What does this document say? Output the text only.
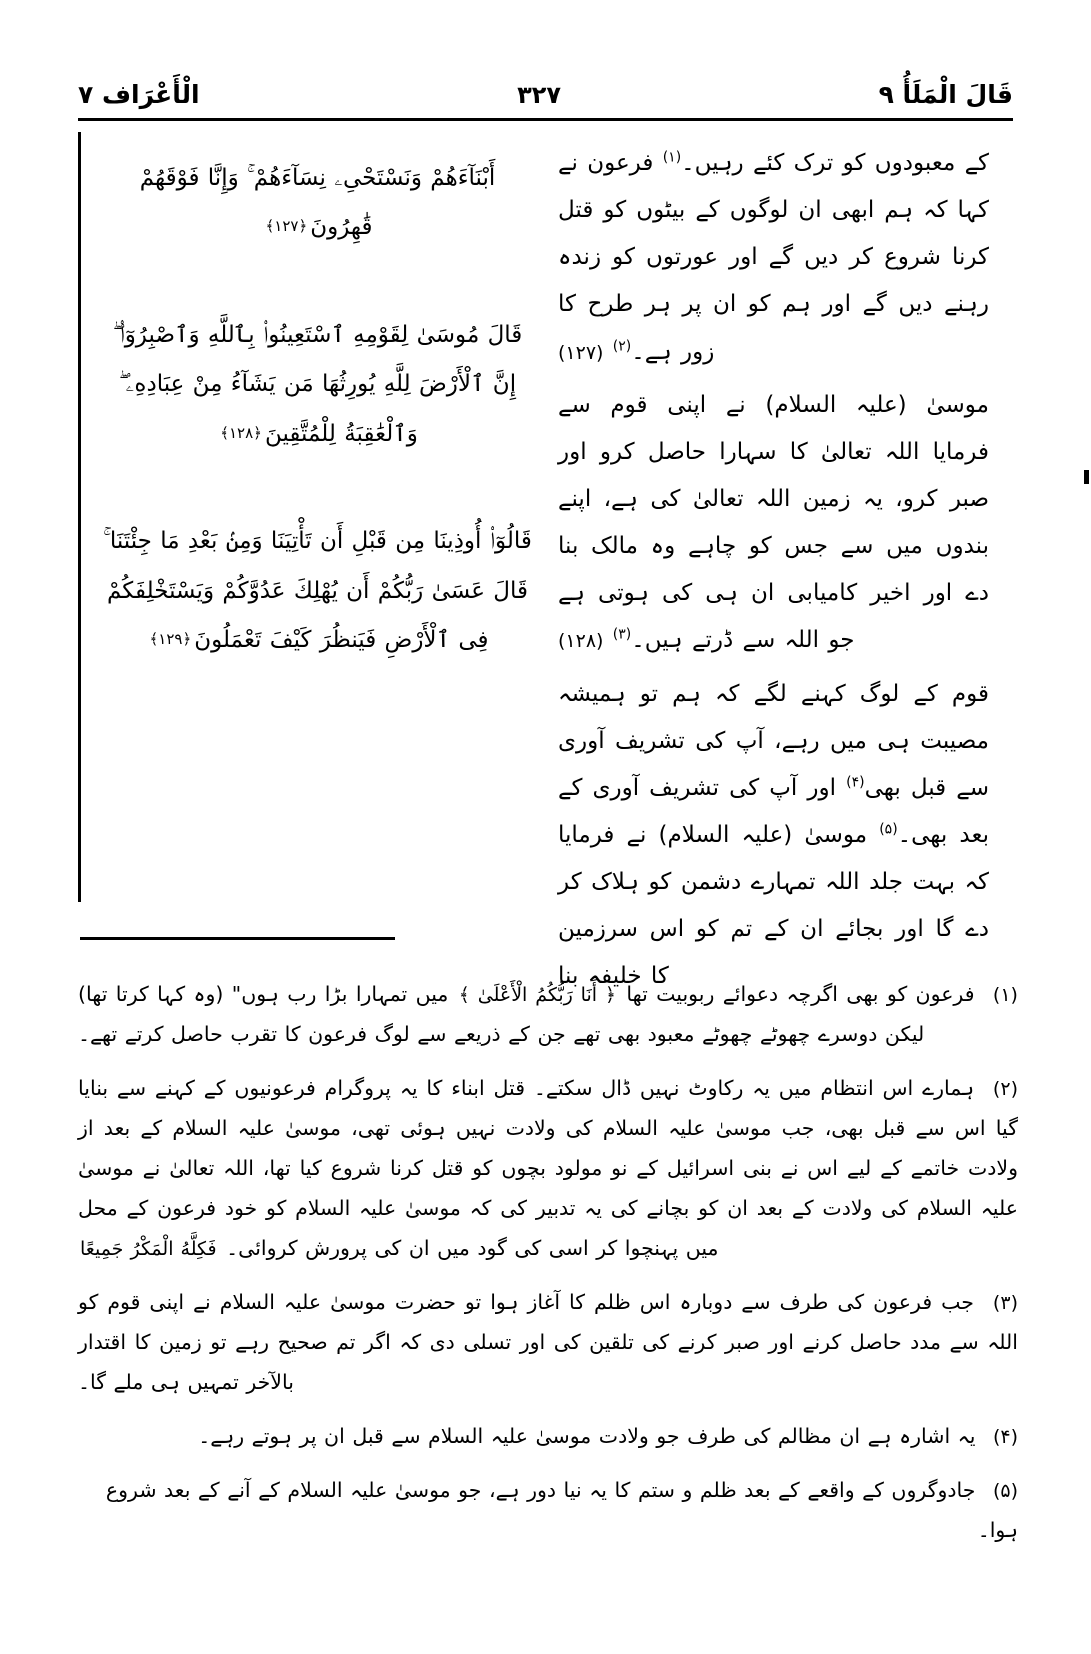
قَالَ الْمَلَأُ ٩
٣٢٧
الْأَعْرَاف ٧
أَبْنَآءَهُمْ وَنَسْتَحْىِۦ نِسَآءَهُمْ ۚ وَإِنَّا فَوْقَهُمْ قَٰهِرُونَ﴿١٢٧﴾
قَالَ مُوسَىٰ لِقَوْمِهِ ٱسْتَعِينُوا۟ بِٱللَّهِ وَٱصْبِرُوٓا۟ ۖ إِنَّ ٱلْأَرْضَ لِلَّهِ يُورِثُهَا مَن يَشَآءُ مِنْ عِبَادِهِۦ ۖ وَٱلْعَٰقِبَةُ لِلْمُتَّقِينَ﴿١٢٨﴾
قَالُوٓا۟ أُوذِينَا مِن قَبْلِ أَن تَأْتِيَنَا وَمِنۢ بَعْدِ مَا جِئْتَنَا ۚ قَالَ عَسَىٰ رَبُّكُمْ أَن يُهْلِكَ عَدُوَّكُمْ وَيَسْتَخْلِفَكُمْ فِى ٱلْأَرْضِ فَيَنظُرَ كَيْفَ تَعْمَلُونَ﴿١٢٩﴾
کے معبودوں کو ترک کئے رہیں۔$^{(۱)}$ فرعون نے کہا کہ ہم ابھی ان لوگوں کے بیٹوں کو قتل کرنا شروع کر دیں گے اور عورتوں کو زندہ رہنے دیں گے اور ہم کو ان پر ہر طرح کا زور ہے۔$^{(۲)}$ (۱۲۷)
موسیٰ (علیہ السلام) نے اپنی قوم سے فرمایا اللہ تعالیٰ کا سہارا حاصل کرو اور صبر کرو، یہ زمین اللہ تعالیٰ کی ہے، اپنے بندوں میں سے جس کو چاہے وہ مالک بنا دے اور اخیر کامیابی ان ہی کی ہوتی ہے جو اللہ سے ڈرتے ہیں۔$^{(۳)}$ (۱۲۸)
قوم کے لوگ کہنے لگے کہ ہم تو ہمیشہ مصیبت ہی میں رہے، آپ کی تشریف آوری سے قبل بھی$^{(۴)}$ اور آپ کی تشریف آوری کے بعد بھی۔$^{(۵)}$ موسیٰ (علیہ السلام) نے فرمایا کہ بہت جلد اللہ تمہارے دشمن کو ہلاک کر دے گا اور بجائے ان کے تم کو اس سرزمین کا خلیفہ بنا
(۱) فرعون کو بھی اگرچہ دعوائے ربوبیت تھا ﴿ أَنَا رَبُّكُمُ الْأَعْلَىٰ ﴾ میں تمہارا بڑا رب ہوں" (وہ کہا کرتا تھا) لیکن دوسرے چھوٹے چھوٹے معبود بھی تھے جن کے ذریعے سے لوگ فرعون کا تقرب حاصل کرتے تھے۔
(۲) ہمارے اس انتظام میں یہ رکاوٹ نہیں ڈال سکتے۔ قتل ابناء کا یہ پروگرام فرعونیوں کے کہنے سے بنایا گیا اس سے قبل بھی، جب موسیٰ علیہ السلام کی ولادت نہیں ہوئی تھی، موسیٰ علیہ السلام کے بعد از ولادت خاتمے کے لیے اس نے بنی اسرائیل کے نو مولود بچوں کو قتل کرنا شروع کیا تھا، اللہ تعالیٰ نے موسیٰ علیہ السلام کی ولادت کے بعد ان کو بچانے کی یہ تدبیر کی کہ موسیٰ علیہ السلام کو خود فرعون کے محل میں پہنچوا کر اسی کی گود میں ان کی پرورش کروائی۔ فَكِلَّهُ الْمَكْرُ جَمِيعًا
(۳) جب فرعون کی طرف سے دوبارہ اس ظلم کا آغاز ہوا تو حضرت موسیٰ علیہ السلام نے اپنی قوم کو اللہ سے مدد حاصل کرنے اور صبر کرنے کی تلقین کی اور تسلی دی کہ اگر تم صحیح رہے تو زمین کا اقتدار بالآخر تمہیں ہی ملے گا۔
(۴) یہ اشارہ ہے ان مظالم کی طرف جو ولادت موسیٰ علیہ السلام سے قبل ان پر ہوتے رہے۔
(۵) جادوگروں کے واقعے کے بعد ظلم و ستم کا یہ نیا دور ہے، جو موسیٰ علیہ السلام کے آنے کے بعد شروع ہوا۔
